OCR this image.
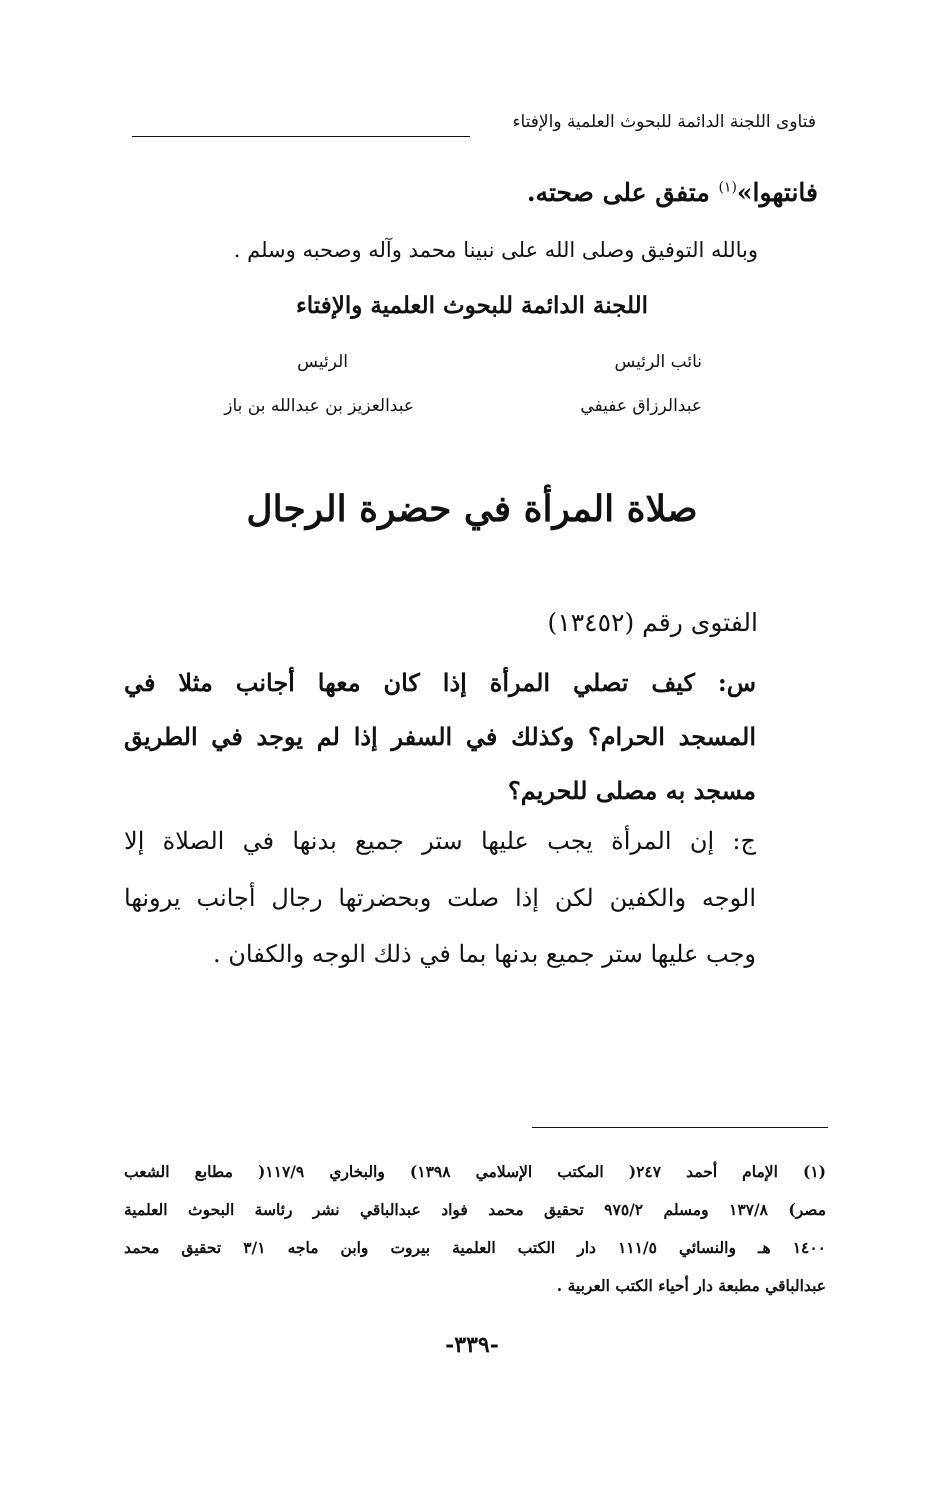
فتاوى اللجنة الدائمة للبحوث العلمية والإفتاء
فانتهوا»$^{(١)}$ متفق على صحته.
وبالله التوفيق وصلى الله على نبينا محمد وآله وصحبه وسلم .
اللجنة الدائمة للبحوث العلمية والإفتاء
نائب الرئيس
عبدالرزاق عفيفي
الرئيس
عبدالعزيز بن عبدالله بن باز
صلاة المرأة في حضرة الرجال
الفتوى رقم (١٣٤٥٢)
س: كيف تصلي المرأة إذا كان معها أجانب مثلا في
المسجد الحرام؟ وكذلك في السفر إذا لم يوجد في الطريق
مسجد به مصلى للحريم؟
ج: إن المرأة يجب عليها ستر جميع بدنها في الصلاة إلا
الوجه والكفين لكن إذا صلت وبحضرتها رجال أجانب يرونها
وجب عليها ستر جميع بدنها بما في ذلك الوجه والكفان .
(١) الإمام أحمد ٢٤٧( المكتب الإسلامي ١٣٩٨) والبخاري ١١٧/٩( مطابع الشعب
مصر) ١٣٧/٨ ومسلم ٩٧٥/٢ تحقيق محمد فواد عبدالباقي نشر رئاسة البحوث العلمية
١٤٠٠ هـ والنسائي ١١١/٥ دار الكتب العلمية بيروت وابن ماجه ٣/١ تحقيق محمد
عبدالباقي مطبعة دار أحياء الكتب العربية .
-٣٣٩-
